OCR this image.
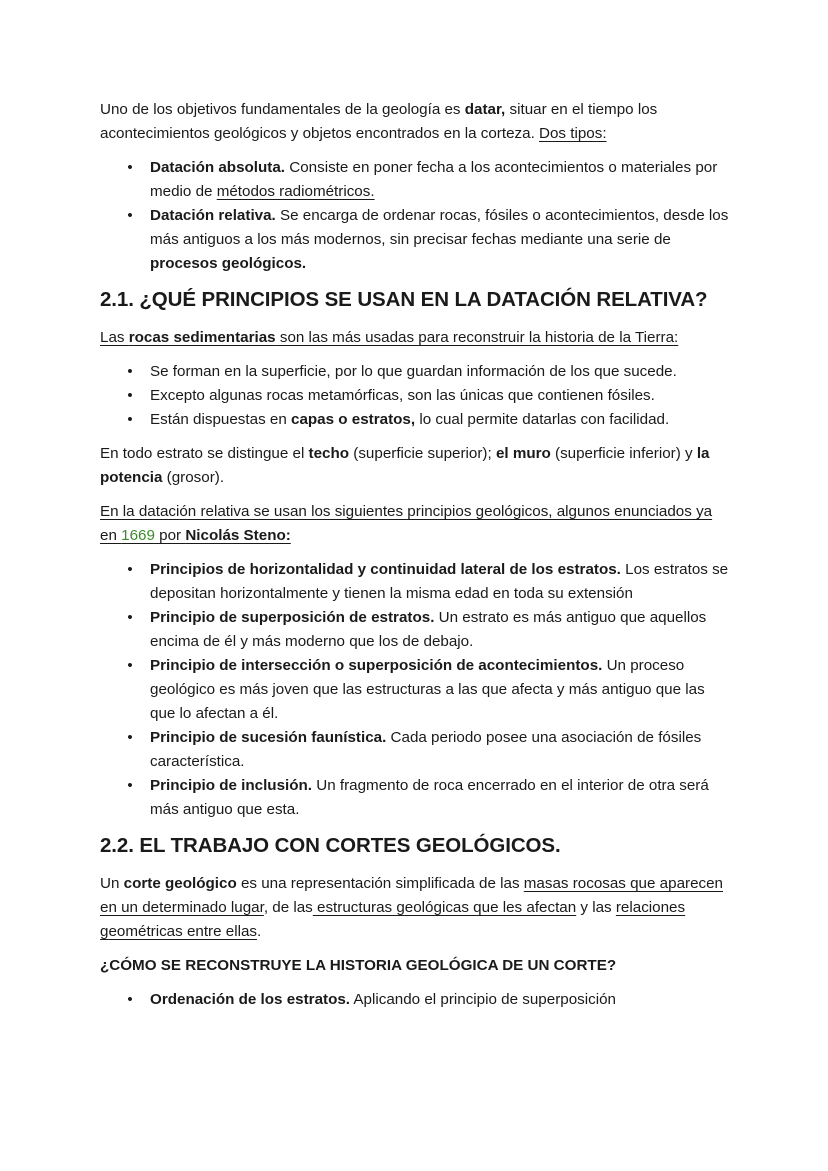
Uno de los objetivos fundamentales de la geología es datar, situar en el tiempo los acontecimientos geológicos y objetos encontrados en la corteza. Dos tipos:

• Datación absoluta. Consiste en poner fecha a los acontecimientos o materiales por medio de métodos radiométricos.
• Datación relativa. Se encarga de ordenar rocas, fósiles o acontecimientos, desde los más antiguos a los más modernos, sin precisar fechas mediante una serie de procesos geológicos.
2.1. ¿QUÉ PRINCIPIOS SE USAN EN LA DATACIÓN RELATIVA?

Las rocas sedimentarias son las más usadas para reconstruir la historia de la Tierra:

• Se forman en la superficie, por lo que guardan información de los que sucede.
• Excepto algunas rocas metamórficas, son las únicas que contienen fósiles.
• Están dispuestas en capas o estratos, lo cual permite datarlas con facilidad.

En todo estrato se distingue el techo (superficie superior); el muro (superficie inferior) y la potencia (grosor).

En la datación relativa se usan los siguientes principios geológicos, algunos enunciados ya en 1669 por Nicolás Steno:

• Principios de horizontalidad y continuidad lateral de los estratos. Los estratos se depositan horizontalmente y tienen la misma edad en toda su extensión
• Principio de superposición de estratos. Un estrato es más antiguo que aquellos encima de él y más moderno que los de debajo.
• Principio de intersección o superposición de acontecimientos. Un proceso geológico es más joven que las estructuras a las que afecta y más antiguo que las que lo afectan a él.
• Principio de sucesión faunística. Cada periodo posee una asociación de fósiles característica.
• Principio de inclusión. Un fragmento de roca encerrado en el interior de otra será más antiguo que esta.
2.2. EL TRABAJO CON CORTES GEOLÓGICOS.

Un corte geológico es una representación simplificada de las masas rocosas que aparecen en un determinado lugar, de las estructuras geológicas que les afectan y las relaciones geométricas entre ellas.

¿CÓMO SE RECONSTRUYE LA HISTORIA GEOLÓGICA DE UN CORTE?
• Ordenación de los estratos. Aplicando el principio de superposición
